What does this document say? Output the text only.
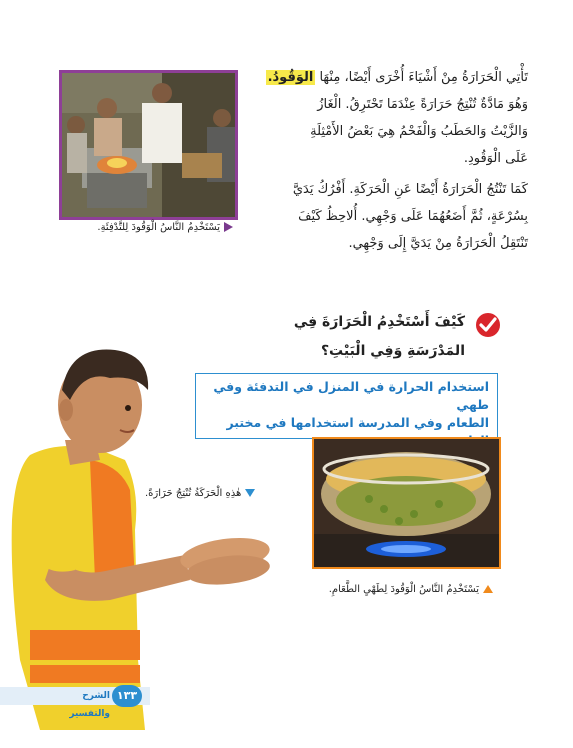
يَسْتَخْدِمُ النَّاسُ الْوَقُودَ لِلتَّدْفِئَةِ.
تَأْتِي الْحَرَارَةُ مِنْ أَشْيَاءَ أُخْرَى أَيْضًا، مِنْهَا الوَقُودُ.
وَهُوَ مَادَّةٌ تُنْتِجُ حَرَارَةً عِنْدَمَا تَحْتَرِقُ. الْغَازُ
وَالزَّيْتُ وَالحَطَبُ وَالْفَحْمُ هِيَ بَعْضُ الأَمْثِلَةِ
عَلَى الْوَقُودِ.
كَمَا تَنْتُجُ الْحَرَارَةُ أَيْضًا عَنِ الْحَرَكَةِ. أَفْرُكُ يَدَيَّ
بِسُرْعَةٍ، ثُمَّ أَضَعُهُمَا عَلَى وَجْهِي. أُلاحِظُ كَيْفَ
تَنْتَقِلُ الْحَرَارَةُ مِنْ يَدَيَّ إِلَى وَجْهِي.
كَيْفَ أَسْتَخْدِمُ الْحَرَارَةَ فِي
المَدْرَسَةِ وَفِي الْبَيْتِ؟
استخدام الحرارة في المنزل في التدفئة وفي طهي
الطعام وفي المدرسة استخدامها في مختبر
هٰذِهِ الْحَرَكَةُ تُنْتِجُ حَرَارَةً.
يَسْتَخْدِمُ النَّاسُ الْوَقُودَ لِطَهْيِ الطَّعَامِ.
١٣٣
الشرح والتفسير
